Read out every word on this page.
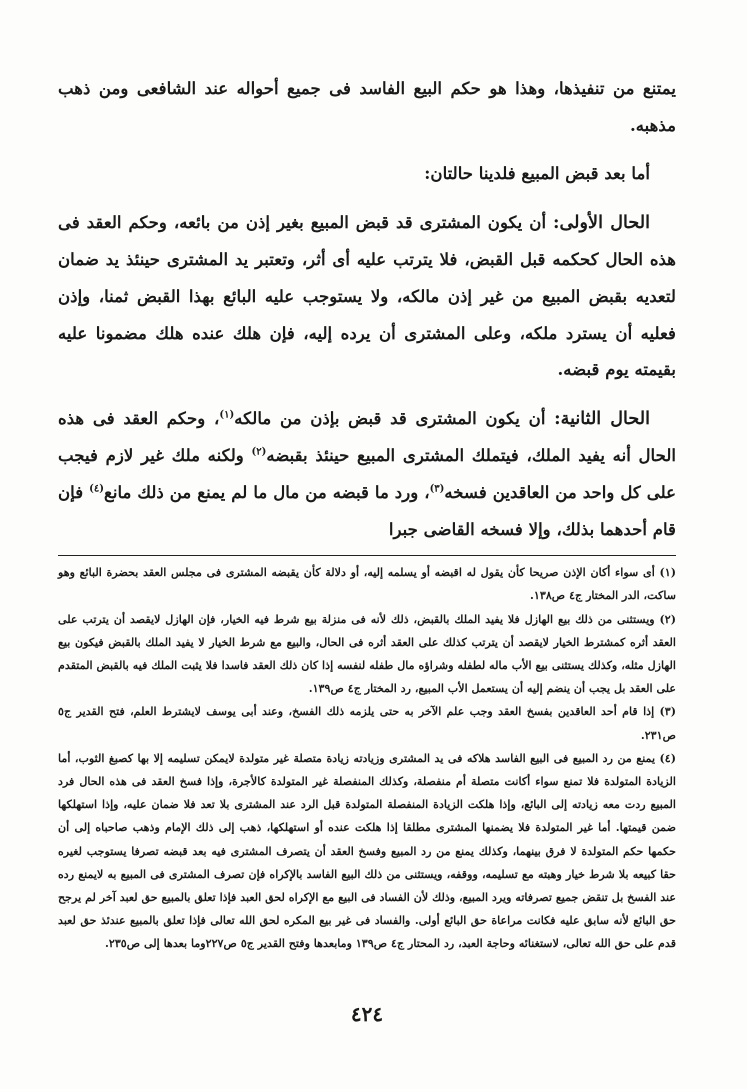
يمتنع من تنفيذها، وهذا هو حكم البيع الفاسد فى جميع أحواله عند الشافعى ومن ذهب مذهبه.

أما بعد قبض المبيع فلدينا حالتان:

الحال الأولى: أن يكون المشترى قد قبض المبيع بغير إذن من بائعه، وحكم العقد فى هذه الحال كحكمه قبل القبض، فلا يترتب عليه أى أثر، وتعتبر يد المشترى حينئذ يد ضمان لتعديه بقبض المبيع من غير إذن مالكه، ولا يستوجب عليه البائع بهذا القبض ثمنا، وإذن فعليه أن يسترد ملكه، وعلى المشترى أن يرده إليه، فإن هلك عنده هلك مضمونا عليه بقيمته يوم قبضه.

الحال الثانية: أن يكون المشترى قد قبض بإذن من مالكه$^{(١)}$، وحكم العقد فى هذه الحال أنه يفيد الملك، فيتملك المشترى المبيع حينئذ بقبضه$^{(٢)}$ ولكنه ملك غير لازم فيجب على كل واحد من العاقدين فسخه$^{(٣)}$، ورد ما قبضه من مال ما لم يمنع من ذلك مانع$^{(٤)}$ فإن قام أحدهما بذلك، وإلا فسخه القاضى جبرا

(١) أى سواء أكان الإذن صريحا كأن يقول له اقبضه أو يسلمه إليه، أو دلالة كأن يقبضه المشترى فى مجلس العقد بحضرة البائع وهو ساكت، الدر المختار ج٤ ص١٣٨.

(٢) ويستثنى من ذلك بيع الهازل فلا يفيد الملك بالقبض، ذلك لأنه فى منزلة بيع شرط فيه الخيار، فإن الهازل لايقصد أن يترتب على العقد أثره كمشترط الخيار لايقصد أن يترتب كذلك على العقد أثره فى الحال، والبيع مع شرط الخيار لا يفيد الملك بالقبض فيكون بيع الهازل مثله، وكذلك يستثنى بيع الأب ماله لطفله وشراؤه مال طفله لنفسه إذا كان ذلك العقد فاسدا فلا يثبت الملك فيه بالقبض المتقدم على العقد بل يجب أن ينضم إليه أن يستعمل الأب المبيع، رد المختار ج٤ ص١٣٩.

(٣) إذا قام أحد العاقدين بفسخ العقد وجب علم الآخر به حتى يلزمه ذلك الفسخ، وعند أبى يوسف لايشترط العلم، فتح القدير ج٥ ص٢٣١.

(٤) يمنع من رد المبيع فى البيع الفاسد هلاكه فى يد المشترى وزيادته زيادة متصلة غير متولدة لايمكن تسليمه إلا بها كصبغ الثوب، أما الزيادة المتولدة فلا تمنع سواء أكانت متصلة أم منفصلة، وكذلك المنفصلة غير المتولدة كالأجرة، وإذا فسخ العقد فى هذه الحال فرد المبيع ردت معه زيادته إلى البائع، وإذا هلكت الزيادة المنفصلة المتولدة قبل الرد عند المشترى بلا تعد فلا ضمان عليه، وإذا استهلكها ضمن قيمتها. أما غير المتولدة فلا يضمنها المشترى مطلقا إذا هلكت عنده أو استهلكها، ذهب إلى ذلك الإمام وذهب صاحباه إلى أن حكمها حكم المتولدة لا فرق بينهما، وكذلك يمنع من رد المبيع وفسخ العقد أن يتصرف المشترى فيه بعد قبضه تصرفا يستوجب لغيره حقا كبيعه بلا شرط خيار وهبته مع تسليمه، ووقفه، ويستثنى من ذلك البيع الفاسد بالإكراه فإن تصرف المشترى فى المبيع به لايمنع رده عند الفسخ بل تنقض جميع تصرفاته ويرد المبيع، وذلك لأن الفساد فى البيع مع الإكراه لحق العبد فإذا تعلق بالمبيع حق لعبد آخر لم يرجح حق البائع لأنه سابق عليه فكانت مراعاة حق البائع أولى. والفساد فى غير بيع المكره لحق الله تعالى فإذا تعلق بالمبيع عندئذ حق لعبد قدم على حق الله تعالى، لاستغنائه وحاجة العبد، رد المحتار ج٤ ص١٣٩ ومابعدها وفتح القدير ج٥ ص٢٢٧وما بعدها إلى ص٢٣٥.

٤٢٤
